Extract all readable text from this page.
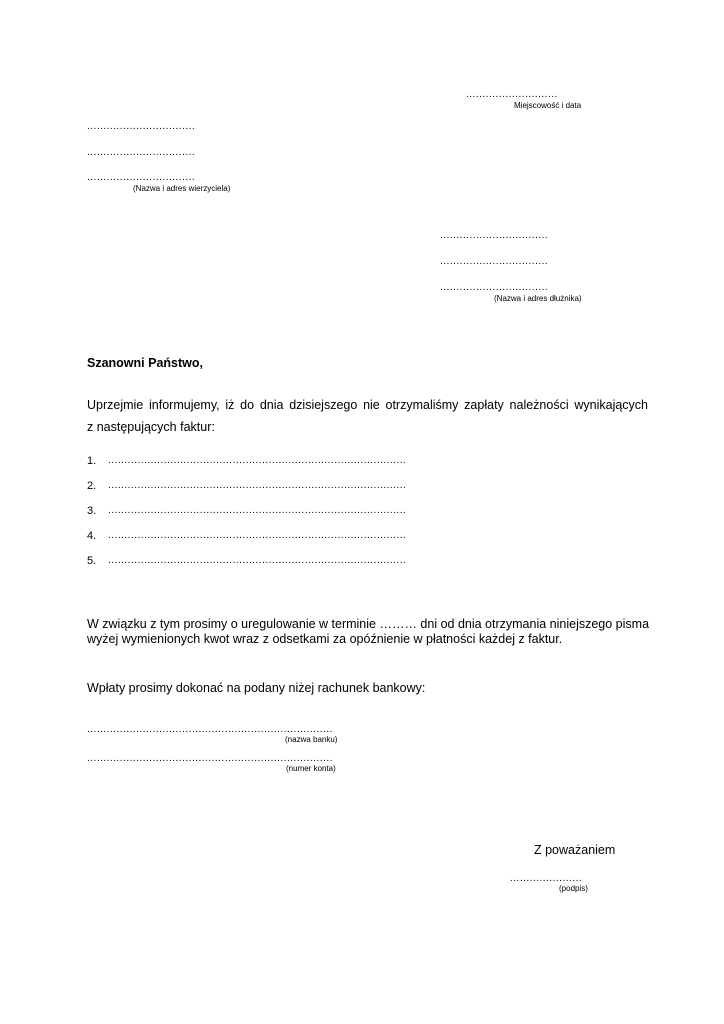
............................
Miejscowość i data
.................................
.................................
.................................
(Nazwa i adres wierzyciela)
.................................
.................................
.................................
(Nazwa i adres dłużnika)
Szanowni Państwo,
Uprzejmie informujemy, iż do dnia dzisiejszego nie otrzymaliśmy zapłaty należności wynikających
z następujących faktur:
1. ...........................................................................................
2. ...........................................................................................
3. ...........................................................................................
4. ...........................................................................................
5. ...........................................................................................
W związku z tym prosimy o uregulowanie w terminie ……… dni od dnia otrzymania niniejszego pisma
wyżej wymienionych kwot wraz z odsetkami za opóźnienie w płatności każdej z faktur.
Wpłaty prosimy dokonać na podany niżej rachunek bankowy:
...........................................................................
(nazwa banku)
...........................................................................
(numer konta)
Z poważaniem
......................
(podpis)
